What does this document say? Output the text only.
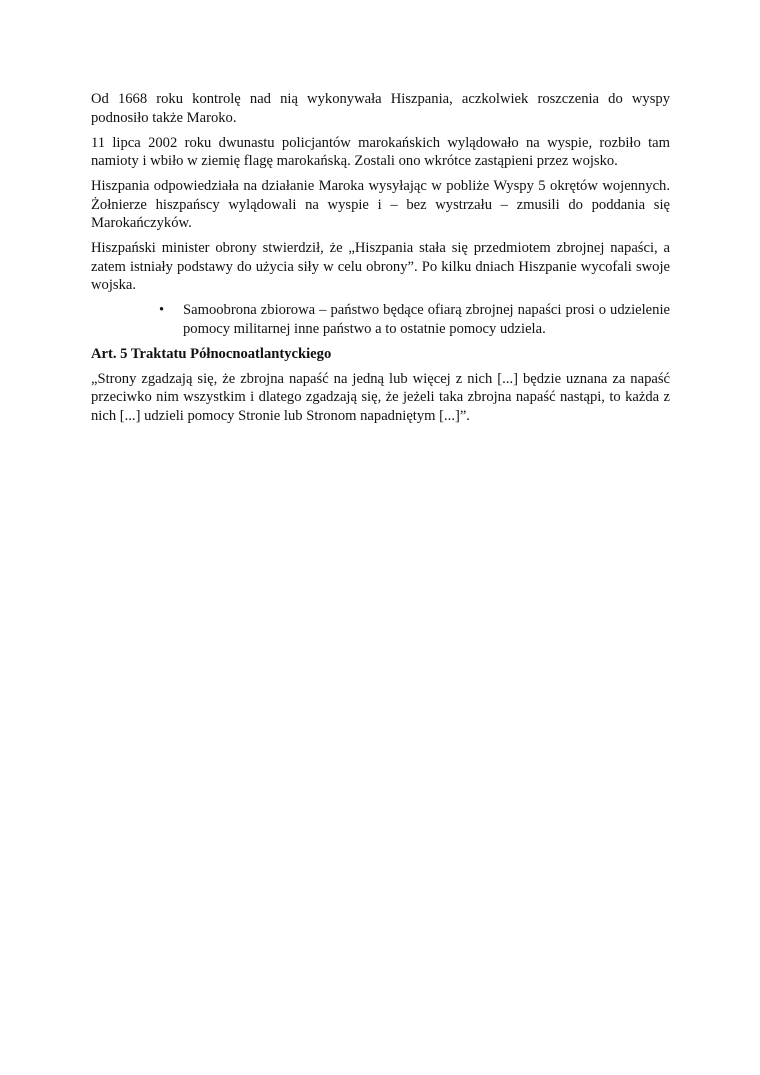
Od 1668 roku kontrolę nad nią wykonywała Hiszpania, aczkolwiek roszczenia do wyspy podnosiło także Maroko.

11 lipca 2002 roku dwunastu policjantów marokańskich wylądowało na wyspie, rozbiło tam namioty i wbiło w ziemię flagę marokańską. Zostali ono wkrótce zastąpieni przez wojsko.

Hiszpania odpowiedziała na działanie Maroka wysyłając w pobliże Wyspy 5 okrętów wojennych. Żołnierze hiszpańscy wylądowali na wyspie i – bez wystrzału – zmusili do poddania się Marokańczyków.

Hiszpański minister obrony stwierdził, że „Hiszpania stała się przedmiotem zbrojnej napaści, a zatem istniały podstawy do użycia siły w celu obrony”. Po kilku dniach Hiszpanie wycofali swoje wojska.

• Samoobrona zbiorowa – państwo będące ofiarą zbrojnej napaści prosi o udzielenie pomocy militarnej inne państwo a to ostatnie pomocy udziela.

Art. 5 Traktatu Północnoatlantyckiego

„Strony zgadzają się, że zbrojna napaść na jedną lub więcej z nich [...] będzie uznana za napaść przeciwko nim wszystkim i dlatego zgadzają się, że jeżeli taka zbrojna napaść nastąpi, to każda z nich [...] udzieli pomocy Stronie lub Stronom napadniętym [...]”.
